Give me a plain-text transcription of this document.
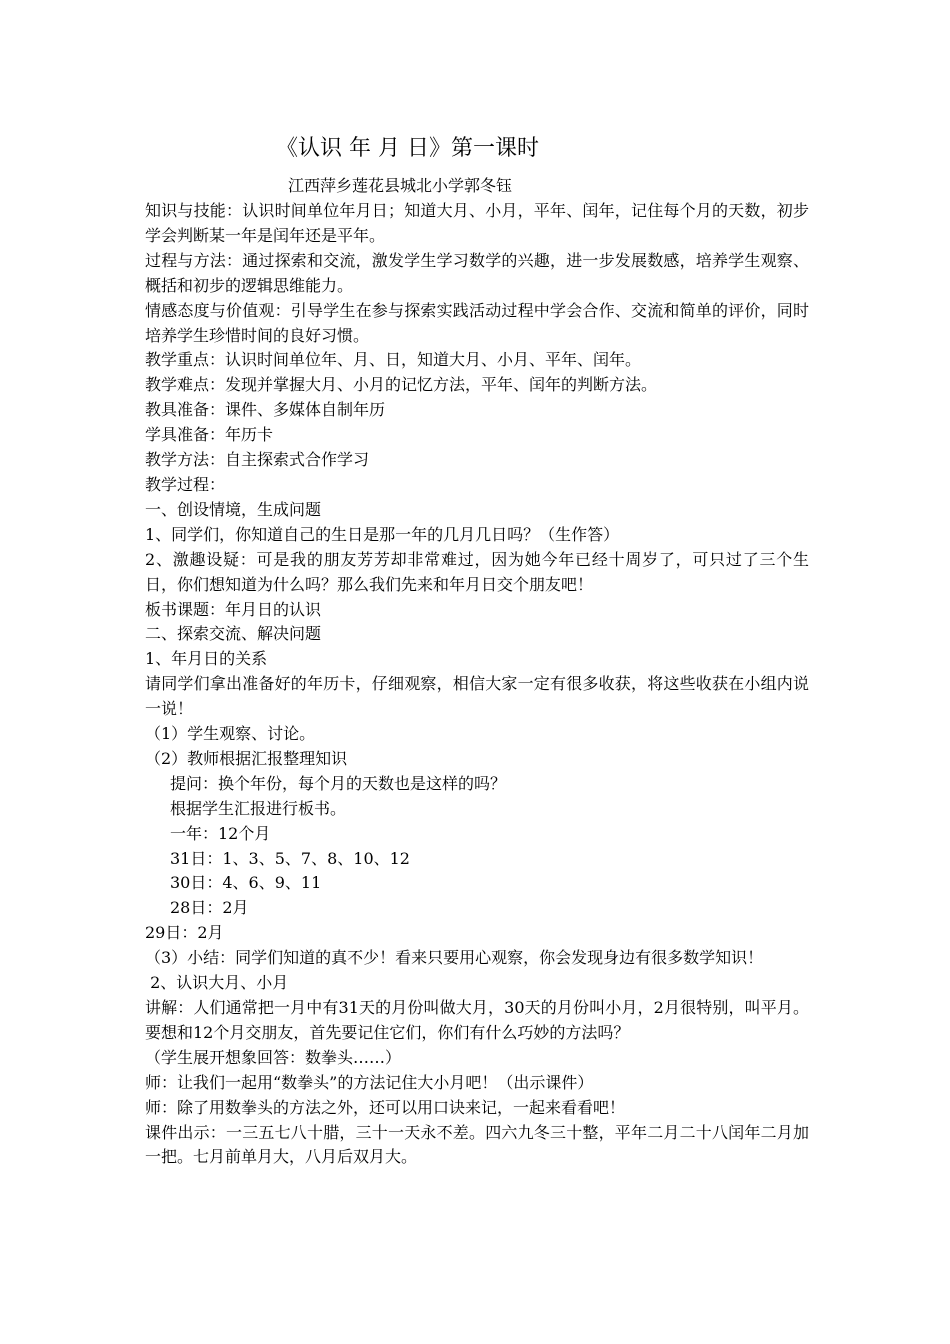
《认识 年 月 日》第一课时
江西萍乡莲花县城北小学郭冬钰

知识与技能：认识时间单位年月日；知道大月、小月，平年、闰年，记住每个月的天数，初步学会判断某一年是闰年还是平年。

过程与方法：通过探索和交流，激发学生学习数学的兴趣，进一步发展数感，培养学生观察、概括和初步的逻辑思维能力。

情感态度与价值观：引导学生在参与探索实践活动过程中学会合作、交流和简单的评价，同时培养学生珍惜时间的良好习惯。

教学重点：认识时间单位年、月、日，知道大月、小月、平年、闰年。

教学难点：发现并掌握大月、小月的记忆方法，平年、闰年的判断方法。

教具准备：课件、多媒体自制年历

学具准备：年历卡

教学方法：自主探索式合作学习

教学过程：

一、创设情境，生成问题

1、同学们，你知道自己的生日是那一年的几月几日吗？（生作答）

2、激趣设疑：可是我的朋友芳芳却非常难过，因为她今年已经十周岁了，可只过了三个生日，你们想知道为什么吗？那么我们先来和年月日交个朋友吧！

板书课题：年月日的认识

二、探索交流、解决问题

1、年月日的关系

请同学们拿出准备好的年历卡，仔细观察，相信大家一定有很多收获，将这些收获在小组内说一说！

（1）学生观察、讨论。

（2）教师根据汇报整理知识

提问：换个年份，每个月的天数也是这样的吗？

根据学生汇报进行板书。

一年：12个月

31日：1、3、5、7、8、10、12

30日：4、6、9、11

28日：2月

29日：2月

（3）小结：同学们知道的真不少！看来只要用心观察，你会发现身边有很多数学知识！

2、认识大月、小月

讲解：人们通常把一月中有31天的月份叫做大月，30天的月份叫小月，2月很特别，叫平月。要想和12个月交朋友，首先要记住它们，你们有什么巧妙的方法吗？

（学生展开想象回答：数拳头……）

师：让我们一起用“数拳头”的方法记住大小月吧！（出示课件）

师：除了用数拳头的方法之外，还可以用口诀来记，一起来看看吧！

课件出示：一三五七八十腊，三十一天永不差。四六九冬三十整，平年二月二十八闰年二月加一把。七月前单月大，八月后双月大。
